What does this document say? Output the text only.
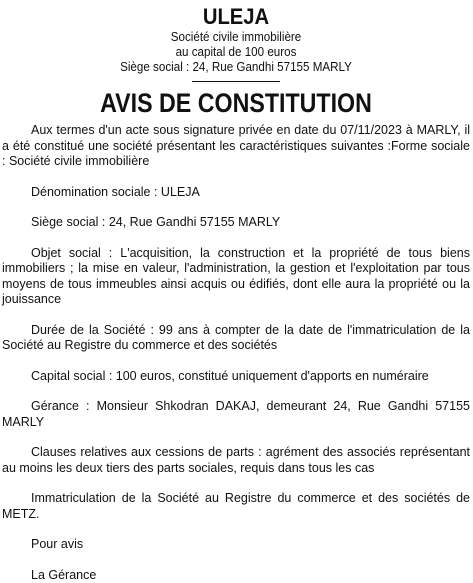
ULEJA
Société civile immobilière
au capital de 100 euros
Siège social : 24, Rue Gandhi 57155 MARLY
AVIS DE CONSTITUTION

Aux termes d'un acte sous signature privée en date du 07/11/2023 à MARLY, il a été constitué une société présentant les caractéristiques suivantes :Forme sociale : Société civile immobilière

Dénomination sociale : ULEJA

Siège social : 24, Rue Gandhi 57155 MARLY

Objet social : L'acquisition, la construction et la propriété de tous biens immobiliers ; la mise en valeur, l'administration, la gestion et l'exploitation par tous moyens de tous immeubles ainsi acquis ou édifiés, dont elle aura la propriété ou la jouissance

Durée de la Société : 99 ans à compter de la date de l'immatriculation de la Société au Registre du commerce et des sociétés

Capital social : 100 euros, constitué uniquement d'apports en numéraire

Gérance : Monsieur Shkodran DAKAJ, demeurant 24, Rue Gandhi 57155 MARLY

Clauses relatives aux cessions de parts : agrément des associés représentant au moins les deux tiers des parts sociales, requis dans tous les cas

Immatriculation de la Société au Registre du commerce et des sociétés de METZ.

Pour avis

La Gérance
